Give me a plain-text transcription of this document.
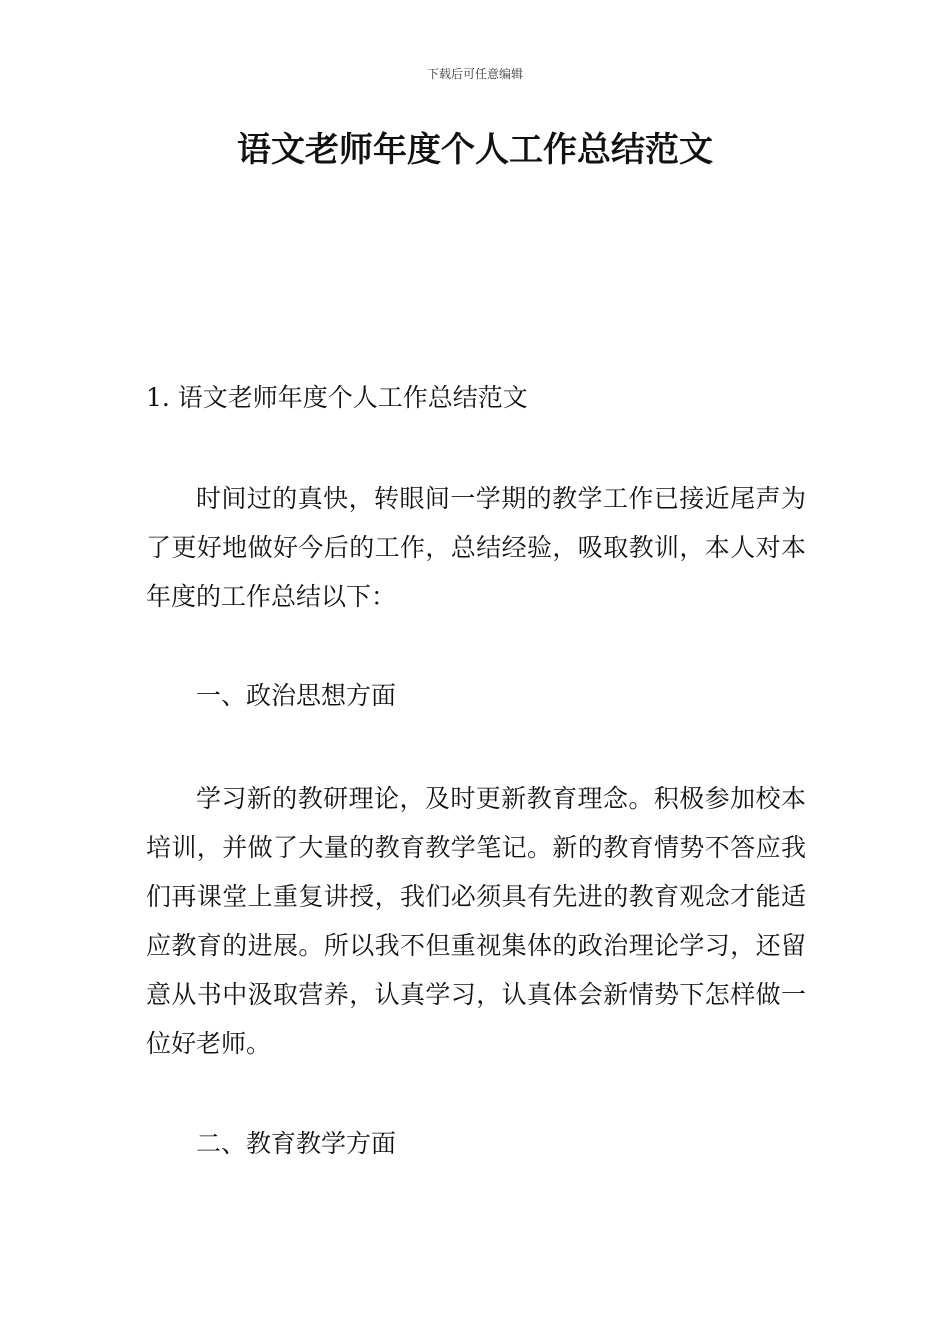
下载后可任意编辑
语文老师年度个人工作总结范文

1. 语文老师年度个人工作总结范文

时间过的真快，转眼间一学期的教学工作已接近尾声为了更好地做好今后的工作，总结经验，吸取教训，本人对本年度的工作总结以下：

一、政治思想方面

学习新的教研理论，及时更新教育理念。积极参加校本培训，并做了大量的教育教学笔记。新的教育情势不答应我们再课堂上重复讲授，我们必须具有先进的教育观念才能适应教育的进展。所以我不但重视集体的政治理论学习，还留意从书中汲取营养，认真学习，认真体会新情势下怎样做一位好老师。

二、教育教学方面
